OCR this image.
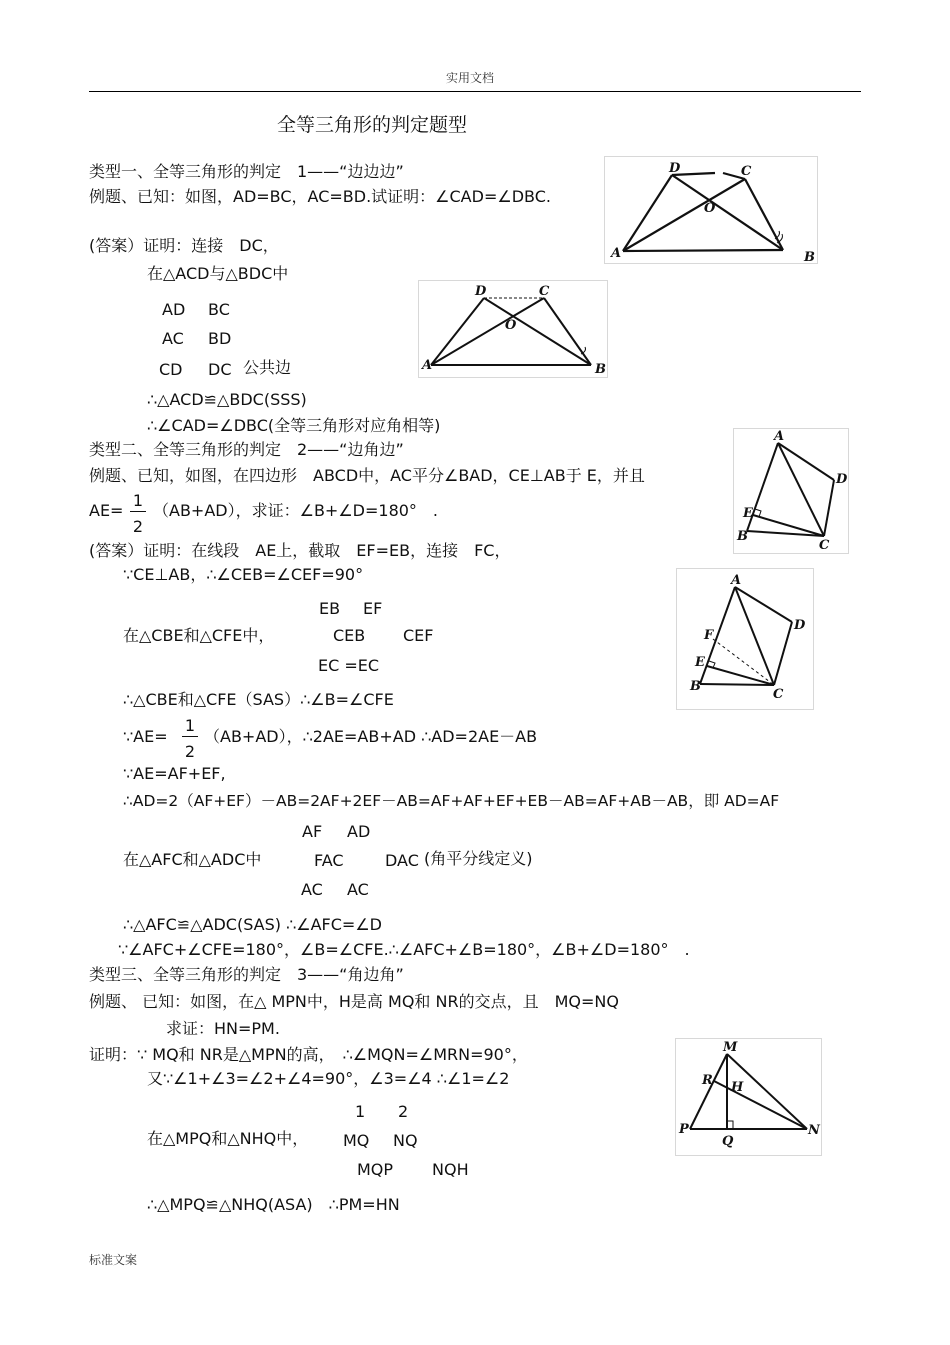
实用文档
标准文案
全等三角形的判定题型
类型一、全等三角形的判定　1——“边边边”
例题、已知：如图，AD=BC，AC=BD.试证明：∠CAD=∠DBC.
(答案）证明：连接　DC，
在△ACD与△BDC中
AD BC
AC BD
CD DC 公共边
∴△ACD≌△BDC(SSS)
∴∠CAD=∠DBC(全等三角形对应角相等)
A	B
C
D
O
A	B
C
D
O
类型二、全等三角形的判定　2——“边角边”
例题、已知，如图，在四边形　ABCD中，AC平分∠BAD，CE⊥AB于 E，并且
AE=
1
2
（AB+AD），求证：∠B+∠D=180°　.
(答案）证明：在线段　AE上，截取　EF=EB，连接　FC，
∵CE⊥AB，∴∠CEB=∠CEF=90°
EB EF
在△CBE和△CFE中，	CEB CEF
EC =EC
∴△CBE和△CFE（SAS）∴∠B=∠CFE
∵AE=
1
2
（AB+AD），∴2AE=AB+AD ∴AD=2AE－AB
∵AE=AF+EF,
∴AD=2（AF+EF）－AB=2AF+2EF－AB=AF+AF+EF+EB－AB=AF+AB－AB，即 AD=AF
AF AD
在△AFC和△ADC中	FAC	DAC (角平分线定义)
AC AC
∴△AFC≌△ADC(SAS) ∴∠AFC=∠D
∵∠AFC+∠CFE=180°，∠B=∠CFE.∴∠AFC+∠B=180°，∠B+∠D=180°　.
A
B
C
D
E
A
B
C
D
E
F
类型三、全等三角形的判定　3——“角边角”
例题、 已知：如图，在△ MPN中，H是高 MQ和 NR的交点，且　MQ=NQ
求证：HN=PM.
证明：∵ MQ和 NR是△MPN的高，　∴∠MQN=∠MRN=90°，
又∵∠1+∠3=∠2+∠4=90°，∠3=∠4 ∴∠1=∠2
1 2
在△MPQ和△NHQ中， MQ NQ
MQP NQH
∴△MPQ≌△NHQ(ASA)　∴PM=HN
M
N
P
Q
R H
